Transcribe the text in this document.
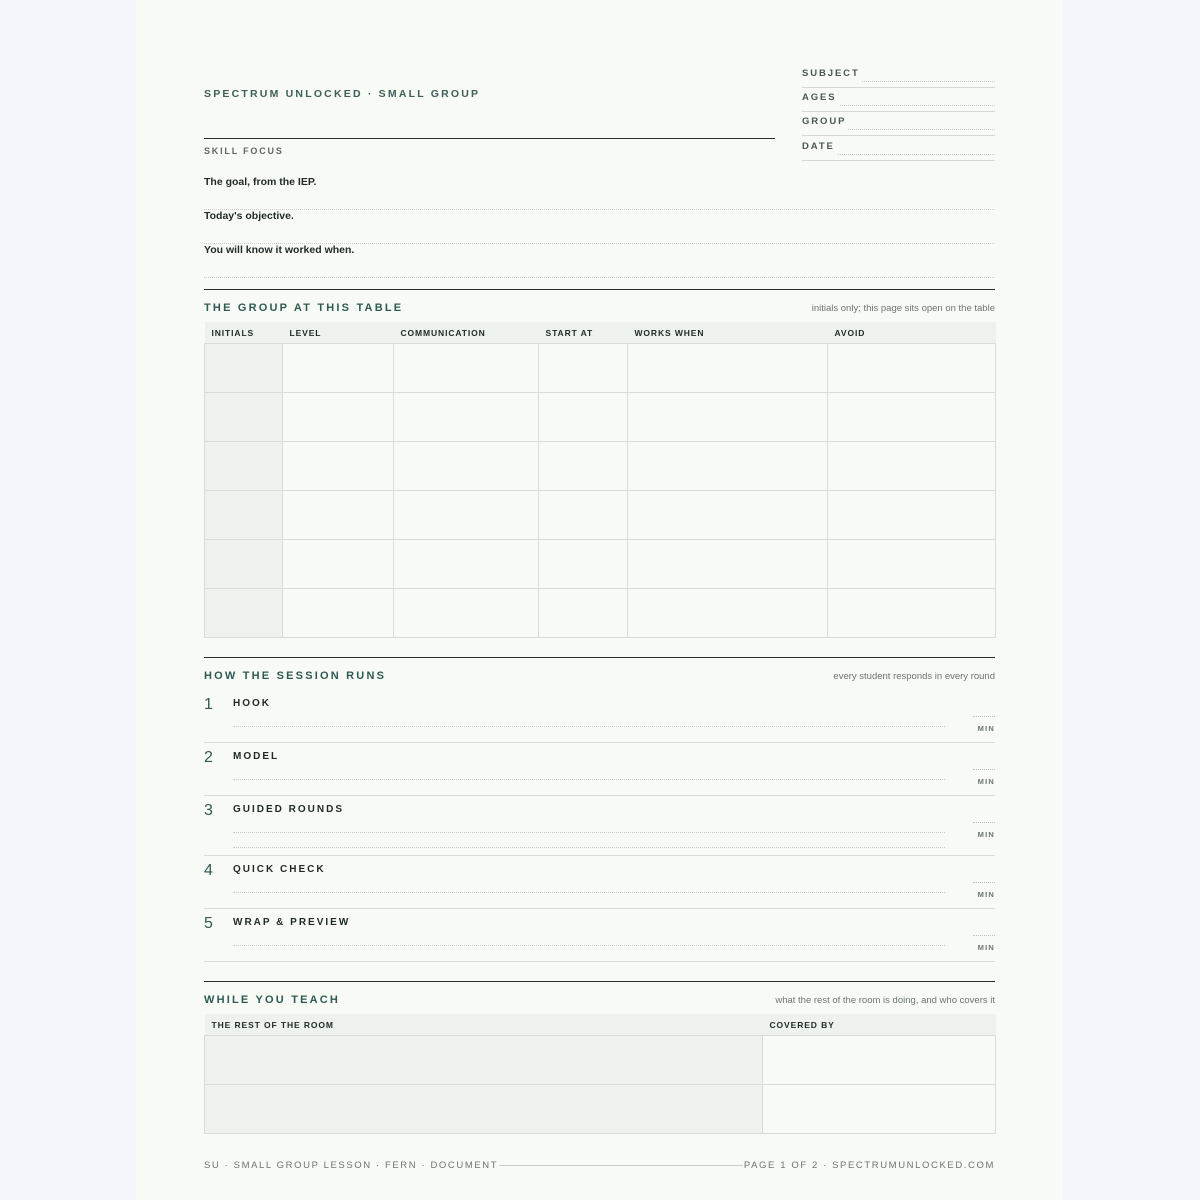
SPECTRUM UNLOCKED · SMALL GROUP
SUBJECT
AGES
GROUP
DATE
SKILL FOCUS
The goal, from the IEP.
Today's objective.
You will know it worked when.
THE GROUP AT THIS TABLE	initials only; this page sits open on the table
INITIALS	LEVEL	COMMUNICATION	START AT	WORKS WHEN	AVOID

HOW THE SESSION RUNS	every student responds in every round
1 HOOK
MIN
2 MODEL
MIN
3 GUIDED ROUNDS
MIN
4 QUICK CHECK
MIN
5 WRAP & PREVIEW
MIN
WHILE YOU TEACH	what the rest of the room is doing, and who covers it
THE REST OF THE ROOM	COVERED BY

SU · SMALL GROUP LESSON · FERN · DOCUMENT	PAGE 1 OF 2 · SPECTRUMUNLOCKED.COM
